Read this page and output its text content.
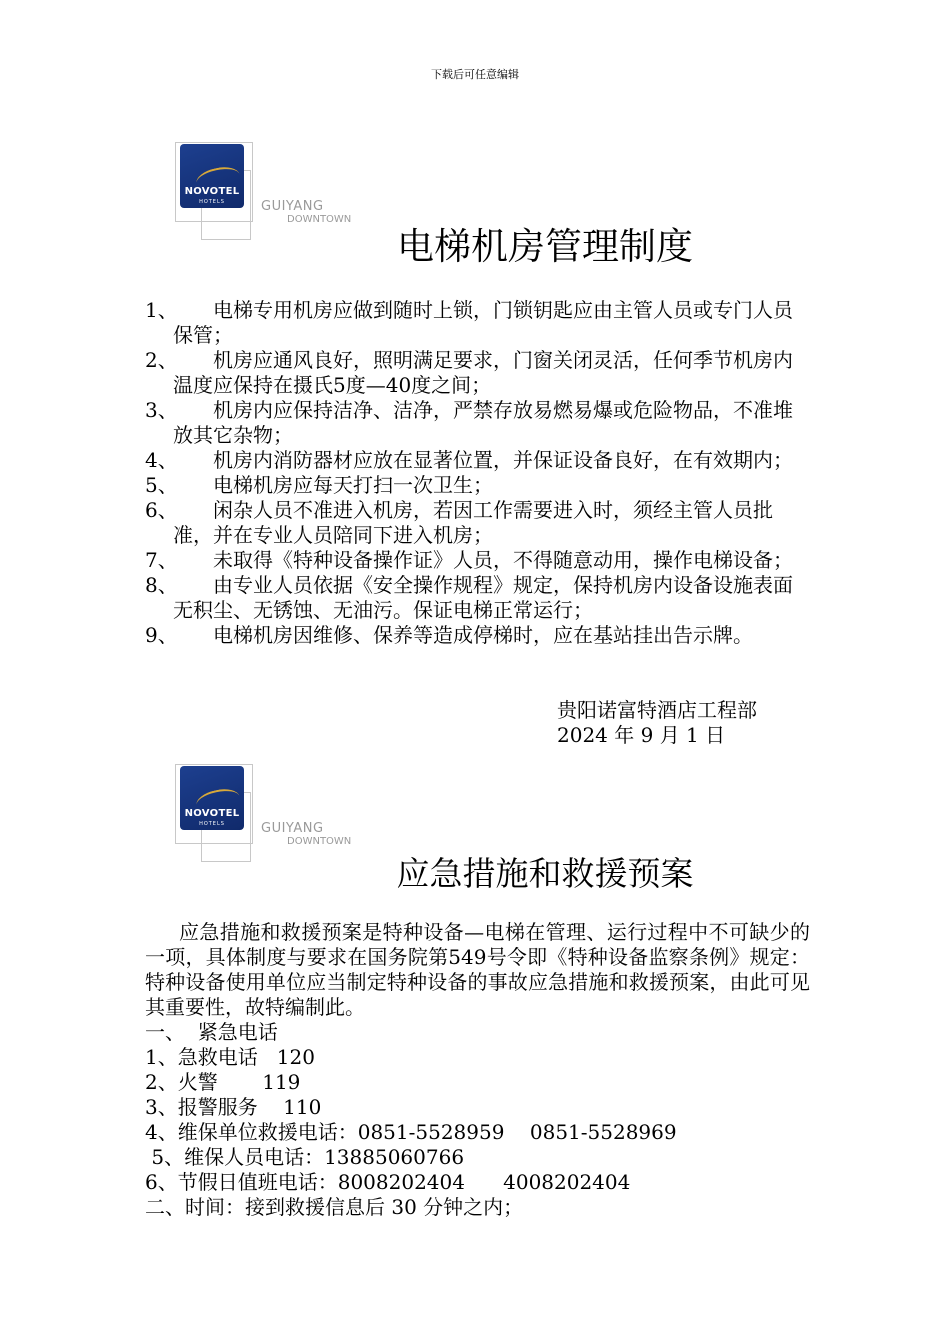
下载后可任意编辑
NOVOTEL
HOTELS	GUIYANG
DOWNTOWN
电梯机房管理制度
1、	电梯专用机房应做到随时上锁，门锁钥匙应由主管人员或专门人员保管；
2、	机房应通风良好，照明满足要求，门窗关闭灵活，任何季节机房内温度应保持在摄氏5度—40度之间；
3、	机房内应保持洁净、洁净，严禁存放易燃易爆或危险物品，不准堆放其它杂物；
4、	机房内消防器材应放在显著位置，并保证设备良好，在有效期内；
5、	电梯机房应每天打扫一次卫生；
6、	闲杂人员不准进入机房，若因工作需要进入时，须经主管人员批准，并在专业人员陪同下进入机房；
7、	未取得《特种设备操作证》人员，不得随意动用，操作电梯设备；
8、	由专业人员依据《安全操作规程》规定，保持机房内设备设施表面无积尘、无锈蚀、无油污。保证电梯正常运行；
9、	电梯机房因维修、保养等造成停梯时，应在基站挂出告示牌。
贵阳诺富特酒店工程部
2024 年 9 月 1 日
NOVOTEL
HOTELS	GUIYANG
DOWNTOWN
应急措施和救援预案
应急措施和救援预案是特种设备—电梯在管理、运行过程中不可缺少的一项，具体制度与要求在国务院第549号令即《特种设备监察条例》规定：特种设备使用单位应当制定特种设备的事故应急措施和救援预案，由此可见其重要性，故特编制此。
一、  紧急电话
1、急救电话   120
2、火警       119
3、报警服务    110
4、维保单位救援电话：0851-5528959    0851-5528969
5、维保人员电话：13885060766
6、节假日值班电话：8008202404      4008202404
二、时间：接到救援信息后 30 分钟之内；
